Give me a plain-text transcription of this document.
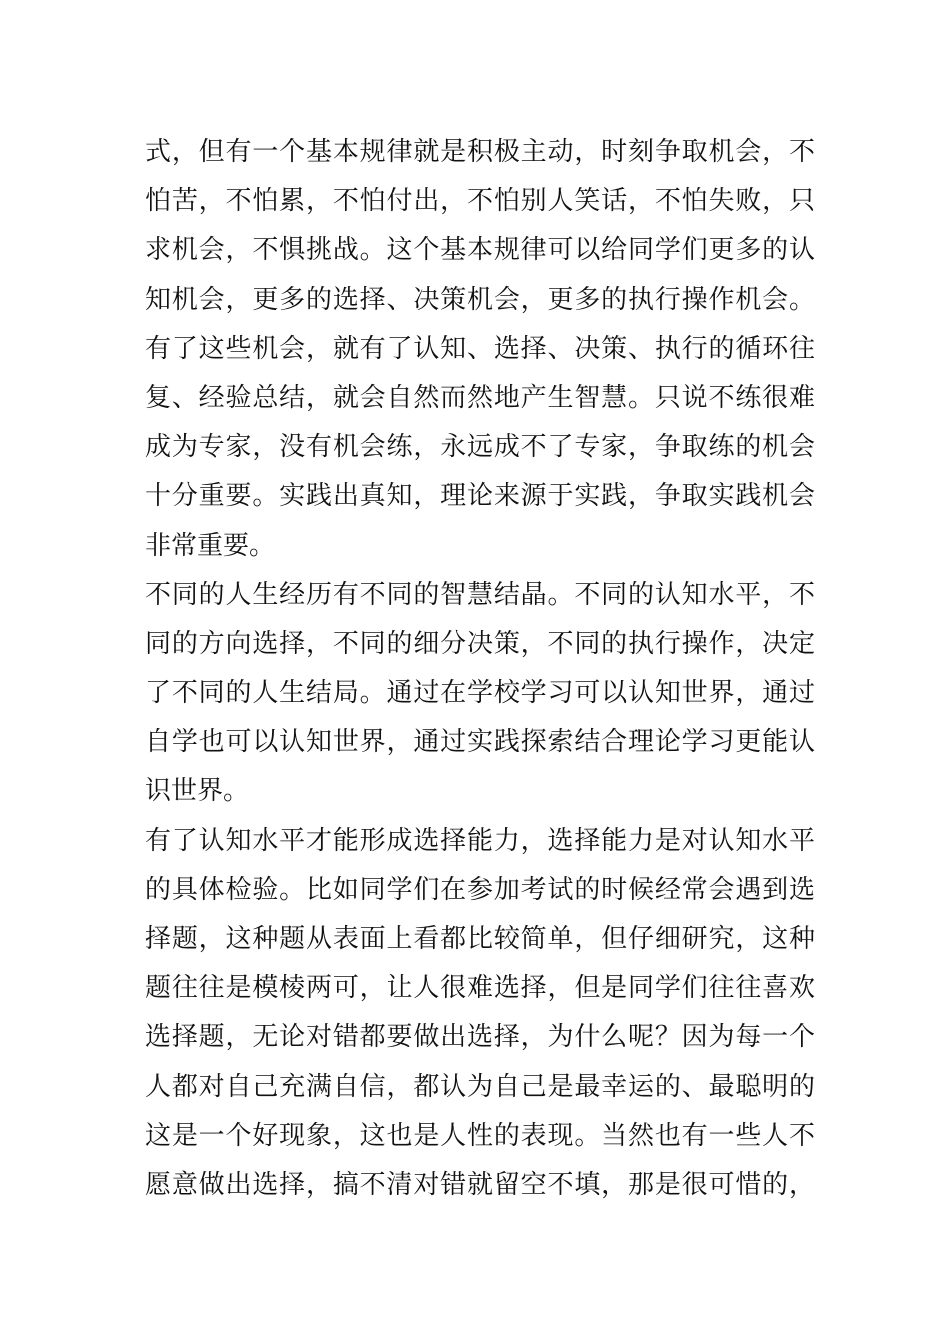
式，但有一个基本规律就是积极主动，时刻争取机会，不
怕苦，不怕累，不怕付出，不怕别人笑话，不怕失败，只
求机会，不惧挑战。这个基本规律可以给同学们更多的认
知机会，更多的选择、决策机会，更多的执行操作机会。
有了这些机会，就有了认知、选择、决策、执行的循环往
复、经验总结，就会自然而然地产生智慧。只说不练很难
成为专家，没有机会练，永远成不了专家，争取练的机会
十分重要。实践出真知，理论来源于实践，争取实践机会
非常重要。
不同的人生经历有不同的智慧结晶。不同的认知水平，不
同的方向选择，不同的细分决策，不同的执行操作，决定
了不同的人生结局。通过在学校学习可以认知世界，通过
自学也可以认知世界，通过实践探索结合理论学习更能认
识世界。
有了认知水平才能形成选择能力，选择能力是对认知水平
的具体检验。比如同学们在参加考试的时候经常会遇到选
择题，这种题从表面上看都比较简单，但仔细研究，这种
题往往是模棱两可，让人很难选择，但是同学们往往喜欢
选择题，无论对错都要做出选择，为什么呢？因为每一个
人都对自己充满自信，都认为自己是最幸运的、最聪明的
这是一个好现象，这也是人性的表现。当然也有一些人不
愿意做出选择，搞不清对错就留空不填，那是很可惜的，
